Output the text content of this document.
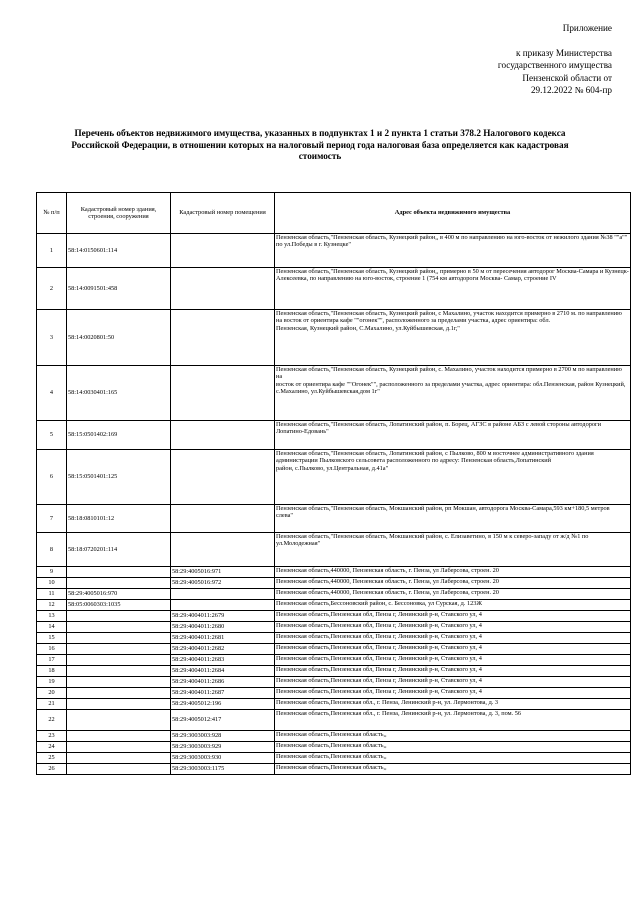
Приложение
к приказу Министерства
государственного имущества
Пензенской области от
29.12.2022 № 604-пр
Перечень объектов недвижимого имущества, указанных в подпунктах 1 и 2 пункта 1 статьи 378.2 Налогового кодекса
Российской Федерации, в отношении которых на налоговый период года налоговая база определяется как кадастровая
стоимость
№ п/п	Кадастровый номер здания, строения, сооружения	Кадастровый номер помещения	Адрес объекта недвижимого имущества
1	58:14:0150601:114		Пензенская область,"Пензенская область, Кузнецкий район,, в 400 м по направлению на юго-восток от нежилого здания №38 ""а"" по ул.Победы в г. Кузнецке"
2	58:14:0091501:458		Пензенская область,"Пензенская область, Кузнецкий район,, примерно в 50 м от пересечения автодорог Москва-Самара и Кузнецк-
Алексеевка, по направлению на юго-восток, строение 1 (754 км автодороги Москва- Самар, строение IV
3	58:14:0020801:50		Пензенская область,"Пензенская область, Кузнецкий район, с Махалино, участок находится примерно в 2710 м. по направлению
на восток от ориентира кафе ""огонек"", расположенного за пределами участка, адрес ориентира: обл.
Пензенская, Кузнецкий район, С.Махалино, ул.Куйбышевская, д.1г,"
4	58:14:0030401:165		Пензенская область,"Пензенская область, Кузнецкий район, с. Махалино, участок находится примерно в 2700 м по направлению на
восток от ориентира кафе ""Огонек"", расположенного за пределами участка, адрес ориентира: обл.Пензенская, район Кузнецкий, с.Махалино, ул.Куйбышевская,дом 1г"
5	58:15:0501402:169		Пензенская область,"Пензенская область, Лопатинский район, п. Борец, АГЗС в районе АБЗ с левой стороны автодороги
Лопатино-Едовань"
6	58:15:0501401:125		Пензенская область,"Пензенская область, Лопатинский район, с Пылково, 800 м восточнее административного здания
администрации Пылковского сельсовета расположенного по адресу: Пензенская область,Лопатинский
район, с.Пылково, ул.Центральная, д.41а"
7	58:18:0810101:12		Пензенская область,"Пензенская область, Мокшанский район, рп Мокшан, автодорога Москва-Самара,593 км+180,5 метров
слева"
8	58:18:0720201:114		Пензенская область,"Пензенская область, Мокшанский район, с. Елизаветино, в 150 м к северо-западу от ж/д №1 по
ул.Молодежная"
9		58:29:4005016:971	Пензенская область,440000, Пензенская область, г. Пенза, ул Лаберсова, строен. 20
10		58:29:4005016:972	Пензенская область,440000, Пензенская область, г. Пенза, ул Лаберсова, строен. 20
11	58:29:4005016:970		Пензенская область,440000, Пензенская область, г. Пенза, ул Лаберсова, строен. 20
12	58:05:0060303:1035		Пензенская область,Бессоновский район, с. Бессоновка, ул Сурская, д. 123Ж
13		58:29:4004011:2679	Пензенская область,Пензенская обл, Пенза г, Ленинский р-н, Ставского ул, 4
14		58:29:4004011:2680	Пензенская область,Пензенская обл, Пенза г, Ленинский р-н, Ставского ул, 4
15		58:29:4004011:2681	Пензенская область,Пензенская обл, Пенза г, Ленинский р-н, Ставского ул, 4
16		58:29:4004011:2682	Пензенская область,Пензенская обл, Пенза г, Ленинский р-н, Ставского ул, 4
17		58:29:4004011:2683	Пензенская область,Пензенская обл, Пенза г, Ленинский р-н, Ставского ул, 4
18		58:29:4004011:2684	Пензенская область,Пензенская обл, Пенза г, Ленинский р-н, Ставского ул, 4
19		58:29:4004011:2686	Пензенская область,Пензенская обл, Пенза г, Ленинский р-н, Ставского ул, 4
20		58:29:4004011:2687	Пензенская область,Пензенская обл, Пенза г, Ленинский р-н, Ставского ул, 4
21		58:29:4005012:196	Пензенская область,Пензенская обл., г. Пенза, Ленинский р-н, ул. Лермонтова, д. 3
22		58:29:4005012:417	Пензенская область,Пензенская обл., г. Пенза, Ленинский р-н, ул. Лермонтова, д. 3, пом. 56
23		58:29:3003003:928	Пензенская область,Пензенская область,,
24		58:29:3003003:929	Пензенская область,Пензенская область,,
25		58:29:3003003:930	Пензенская область,Пензенская область,,
26		58:29:3003003:1175	Пензенская область,Пензенская область,,
